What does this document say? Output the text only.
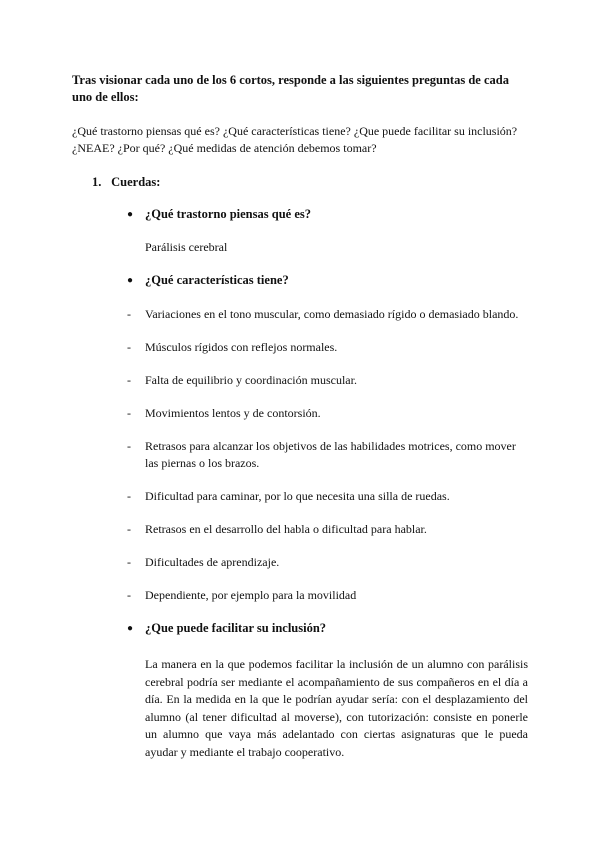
Tras visionar cada uno de los 6 cortos, responde a las siguientes preguntas de cada uno de ellos:

¿Qué trastorno piensas qué es? ¿Qué características tiene? ¿Que puede facilitar su inclusión? ¿NEAE? ¿Por qué? ¿Qué medidas de atención debemos tomar?

1. Cuerdas:
● ¿Qué trastorno piensas qué es?
Parálisis cerebral
● ¿Qué características tiene?
- Variaciones en el tono muscular, como demasiado rígido o demasiado blando.
- Músculos rígidos con reflejos normales.
- Falta de equilibrio y coordinación muscular.
- Movimientos lentos y de contorsión.
- Retrasos para alcanzar los objetivos de las habilidades motrices, como mover las piernas o los brazos.
- Dificultad para caminar, por lo que necesita una silla de ruedas.
- Retrasos en el desarrollo del habla o dificultad para hablar.
- Dificultades de aprendizaje.
- Dependiente, por ejemplo para la movilidad
● ¿Que puede facilitar su inclusión?

La manera en la que podemos facilitar la inclusión de un alumno con parálisis cerebral podría ser mediante el acompañamiento de sus compañeros en el día a día. En la medida en la que le podrían ayudar sería: con el desplazamiento del alumno (al tener dificultad al moverse), con tutorización: consiste en ponerle un alumno que vaya más adelantado con ciertas asignaturas que le pueda ayudar y mediante el trabajo cooperativo.
